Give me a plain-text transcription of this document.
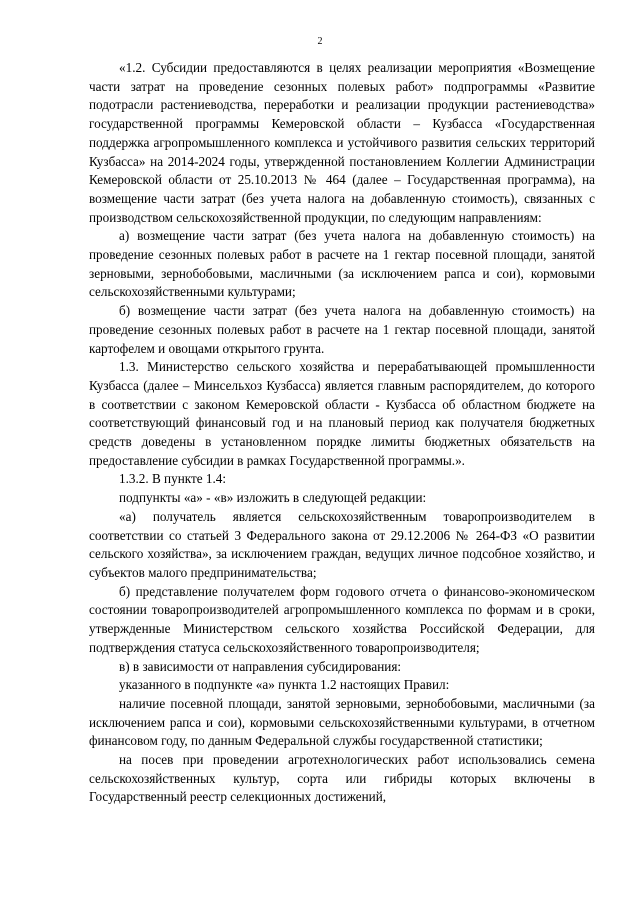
2

«1.2. Субсидии предоставляются в целях реализации мероприятия «Возмещение части затрат на проведение сезонных полевых работ» подпрограммы «Развитие подотрасли растениеводства, переработки и реализации продукции растениеводства» государственной программы Кемеровской области – Кузбасса «Государственная поддержка агропромышленного комплекса и устойчивого развития сельских территорий Кузбасса» на 2014-2024 годы, утвержденной постановлением Коллегии Администрации Кемеровской области от 25.10.2013 № 464 (далее – Государственная программа), на возмещение части затрат (без учета налога на добавленную стоимость), связанных с производством сельскохозяйственной продукции, по следующим направлениям:

а) возмещение части затрат (без учета налога на добавленную стоимость) на проведение сезонных полевых работ в расчете на 1 гектар посевной площади, занятой зерновыми, зернобобовыми, масличными (за исключением рапса и сои), кормовыми сельскохозяйственными культурами;

б) возмещение части затрат (без учета налога на добавленную стоимость) на проведение сезонных полевых работ в расчете на 1 гектар посевной площади, занятой картофелем и овощами открытого грунта.

1.3. Министерство сельского хозяйства и перерабатывающей промышленности Кузбасса (далее – Минсельхоз Кузбасса) является главным распорядителем, до которого в соответствии с законом Кемеровской области - Кузбасса об областном бюджете на соответствующий финансовый год и на плановый период как получателя бюджетных средств доведены в установленном порядке лимиты бюджетных обязательств на предоставление субсидии в рамках Государственной программы.».

1.3.2. В пункте 1.4:

подпункты «а» - «в» изложить в следующей редакции:

«а) получатель является сельскохозяйственным товаропроизводителем в соответствии со статьей 3 Федерального закона от 29.12.2006 № 264-ФЗ «О развитии сельского хозяйства», за исключением граждан, ведущих личное подсобное хозяйство, и субъектов малого предпринимательства;

б) представление получателем форм годового отчета о финансово-экономическом состоянии товаропроизводителей агропромышленного комплекса по формам и в сроки, утвержденные Министерством сельского хозяйства Российской Федерации, для подтверждения статуса сельскохозяйственного товаропроизводителя;

в) в зависимости от направления субсидирования:

указанного в подпункте «а» пункта 1.2 настоящих Правил:

наличие посевной площади, занятой зерновыми, зернобобовыми, масличными (за исключением рапса и сои), кормовыми сельскохозяйственными культурами, в отчетном финансовом году, по данным Федеральной службы государственной статистики;

на посев при проведении агротехнологических работ использовались семена сельскохозяйственных культур, сорта или гибриды которых включены в Государственный реестр селекционных достижений,
